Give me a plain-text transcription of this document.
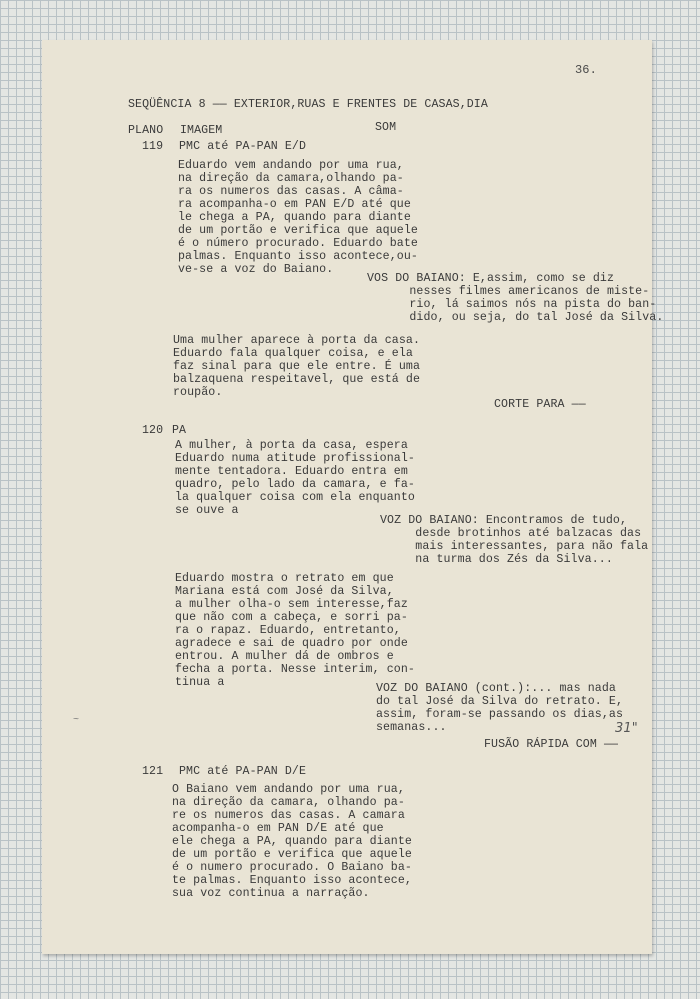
36.
SEQÜÊNCIA 8 —— EXTERIOR,RUAS E FRENTES DE CASAS,DIA
PLANO IMAGEM	SOM
119 PMC até PA-PAN E/D
Eduardo vem andando por uma rua,
na direção da camara,olhando pa-
ra os numeros das casas. A câma-
ra acompanha-o em PAN E/D até que
le chega a PA, quando para diante
de um portão e verifica que aquele
é o número procurado. Eduardo bate
palmas. Enquanto isso acontece,ou-
ve-se a voz do Baiano.
VOS DO BAIANO: E,assim, como se diz
nesses filmes americanos de miste-
rio, lá saimos nós na pista do ban-
dido, ou seja, do tal José da Silva.
Uma mulher aparece à porta da casa.
Eduardo fala qualquer coisa, e ela
faz sinal para que ele entre. É uma
balzaquena respeitavel, que está de
roupão.
CORTE PARA ——
120 PA
A mulher, à porta da casa, espera
Eduardo numa atitude profissional-
mente tentadora. Eduardo entra em
quadro, pelo lado da camara, e fa-
la qualquer coisa com ela enquanto
se ouve a
VOZ DO BAIANO: Encontramos de tudo,
desde brotinhos até balzacas das
mais interessantes, para não fala
na turma dos Zés da Silva...
Eduardo mostra o retrato em que
Mariana está com José da Silva,
a mulher olha-o sem interesse,faz
que não com a cabeça, e sorri pa-
ra o rapaz. Eduardo, entretanto,
agradece e sai de quadro por onde
entrou. A mulher dá de ombros e
fecha a porta. Nesse interim, con-
tinua a	VOZ DO BAIANO (cont.):... mas nada
do tal José da Silva do retrato. E,
assim, foram-se passando os dias,as
semanas...	31"
FUSÃO RÁPIDA COM ——
121 PMC até PA-PAN D/E
O Baiano vem andando por uma rua,
na direção da camara, olhando pa-
re os numeros das casas. A camara
acompanha-o em PAN D/E até que
ele chega a PA, quando para diante
de um portão e verifica que aquele
é o numero procurado. O Baiano ba-
te palmas. Enquanto isso acontece,
sua voz continua a narração.
~
